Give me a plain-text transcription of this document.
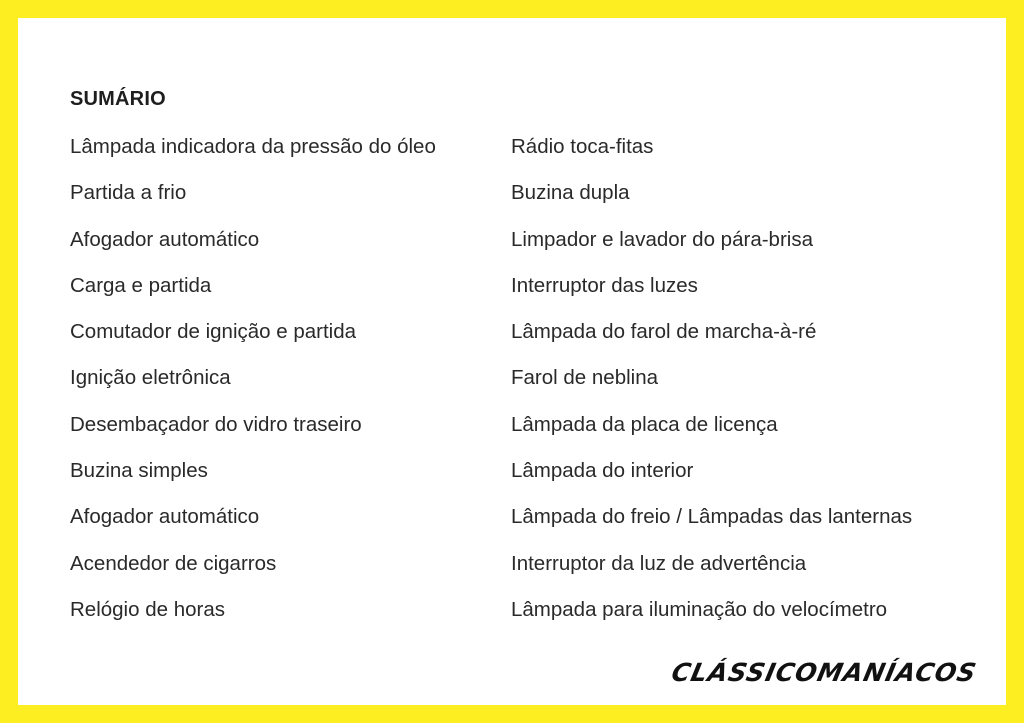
SUMÁRIO
Lâmpada indicadora da pressão do óleo
Partida a frio
Afogador automático
Carga e partida
Comutador de ignição e partida
Ignição eletrônica
Desembaçador do vidro traseiro
Buzina simples
Afogador automático
Acendedor de cigarros
Relógio de horas
Rádio toca-fitas
Buzina dupla
Limpador e lavador do pára-brisa
Interruptor das luzes
Lâmpada do farol de marcha-à-ré
Farol de neblina
Lâmpada da placa de licença
Lâmpada do interior
Lâmpada do freio / Lâmpadas das lanternas
Interruptor da luz de advertência
Lâmpada para iluminação do velocímetro
CLÁSSICOMANÍACOS
